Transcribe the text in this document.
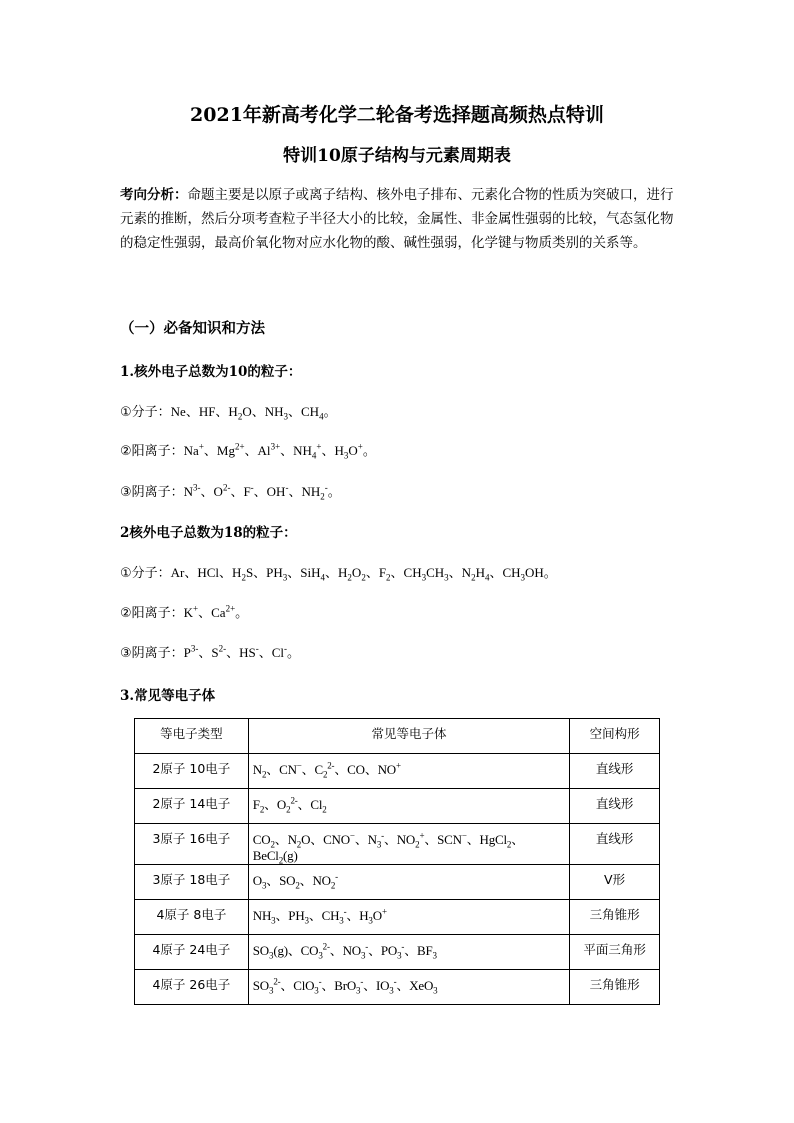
2021年新高考化学二轮备考选择题高频热点特训
特训10原子结构与元素周期表
考向分析：命题主要是以原子或离子结构、核外电子排布、元素化合物的性质为突破口，进行元素的推断，然后分项考查粒子半径大小的比较，金属性、非金属性强弱的比较，气态氢化物的稳定性强弱，最高价氧化物对应水化物的酸、碱性强弱，化学键与物质类别的关系等。
（一）必备知识和方法
1.核外电子总数为10的粒子：
①分子：Ne、HF、$H_2O$、$NH_3$、$CH_4$。
②阳离子：Na+、$Mg^{2+}$、$Al^{3+}$、$NH_4^+$、$H_3O^+$。
③阴离子：$N^{3-}$、$O^{2-}$、F-、OH-、$NH_2^-$。
2核外电子总数为18的粒子：
①分子：Ar、HCl、$H_2S$、$PH_3$、SiH$_4$、$H_2O_2$、$F_2$、$CH_3CH_3$、$N_2H_4$、$CH_3OH$。
②阳离子：K+、$Ca^{2+}$。
③阴离子：$P^{3-}$、$S^{2-}$、HS-、Cl-。
3.常见等电子体
等电子类型	常见等电子体	空间构形
2原子 10电子	$N_2$、CN−、$C_2^{2-}$、CO、NO+	直线形
2原子 14电子	$F_2$、$O_2^{2-}$、$Cl_2$	直线形
3原子 16电子	$CO_2$、$N_2O$、CNO−、$N_3^-$、$NO_2^+$、SCN−、HgCl$_2$、BeCl$_2$(g)	直线形
3原子 18电子	$O_3$、$SO_2$、$NO_2^-$	V形
4原子 8电子	$NH_3$、$PH_3$、$CH_3^-$、$H_3O^+$	三角锥形
4原子 24电子	$SO_3(g)$、$CO_3^{2-}$、$NO_3^-$、$PO_3^-$、$BF_3$	平面三角形
4原子 26电子	$SO_3^{2-}$、ClO$_3$-、BrO$_3$-、$IO_3^-$、XeO$_3$	三角锥形
